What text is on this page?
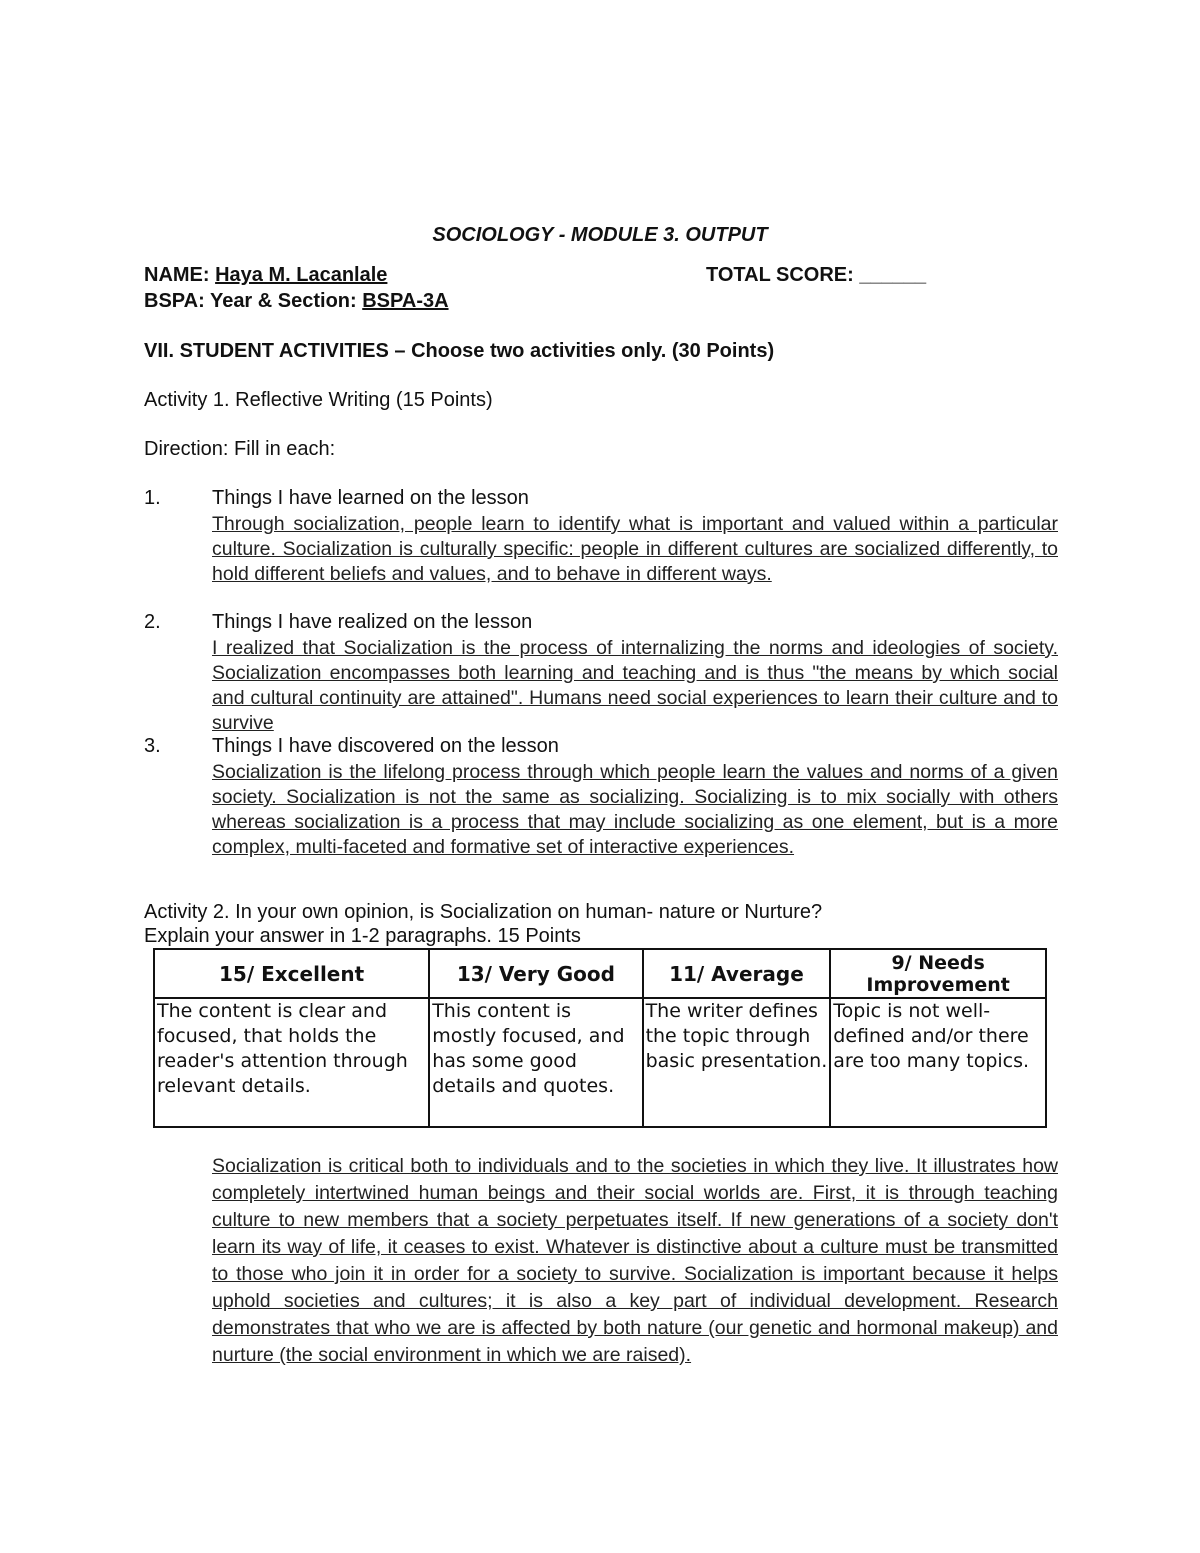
SOCIOLOGY - MODULE 3. OUTPUT
NAME: Haya M. Lacanlale	TOTAL SCORE: ______
BSPA: Year & Section: BSPA-3A
VII. STUDENT ACTIVITIES – Choose two activities only. (30 Points)
Activity 1. Reflective Writing (15 Points)
Direction: Fill in each:
1.	Things I have learned on the lesson
Through socialization, people learn to identify what is important and valued within a particular culture. Socialization is culturally specific: people in different cultures are socialized differently, to hold different beliefs and values, and to behave in different ways.
2.	Things I have realized on the lesson
I realized that Socialization is the process of internalizing the norms and ideologies of society. Socialization encompasses both learning and teaching and is thus "the means by which social and cultural continuity are attained". Humans need social experiences to learn their culture and to survive
3.	Things I have discovered on the lesson
Socialization is the lifelong process through which people learn the values and norms of a given society. Socialization is not the same as socializing. Socializing is to mix socially with others whereas socialization is a process that may include socializing as one element, but is a more complex, multi-faceted and formative set of interactive experiences.
Activity 2. In your own opinion, is Socialization on human- nature or Nurture?
Explain your answer in 1-2 paragraphs. 15 Points
15/ Excellent	13/ Very Good	11/ Average	9/ Needs Improvement
The content is clear and focused, that holds the reader's attention through relevant details.	This content is mostly focused, and has some good details and quotes.	The writer defines the topic through basic presentation.	Topic is not well-defined and/or there are too many topics.
Socialization is critical both to individuals and to the societies in which they live. It illustrates how completely intertwined human beings and their social worlds are. First, it is through teaching culture to new members that a society perpetuates itself. If new generations of a society don't learn its way of life, it ceases to exist. Whatever is distinctive about a culture must be transmitted to those who join it in order for a society to survive. Socialization is important because it helps uphold societies and cultures; it is also a key part of individual development. Research demonstrates that who we are is affected by both nature (our genetic and hormonal makeup) and nurture (the social environment in which we are raised).
